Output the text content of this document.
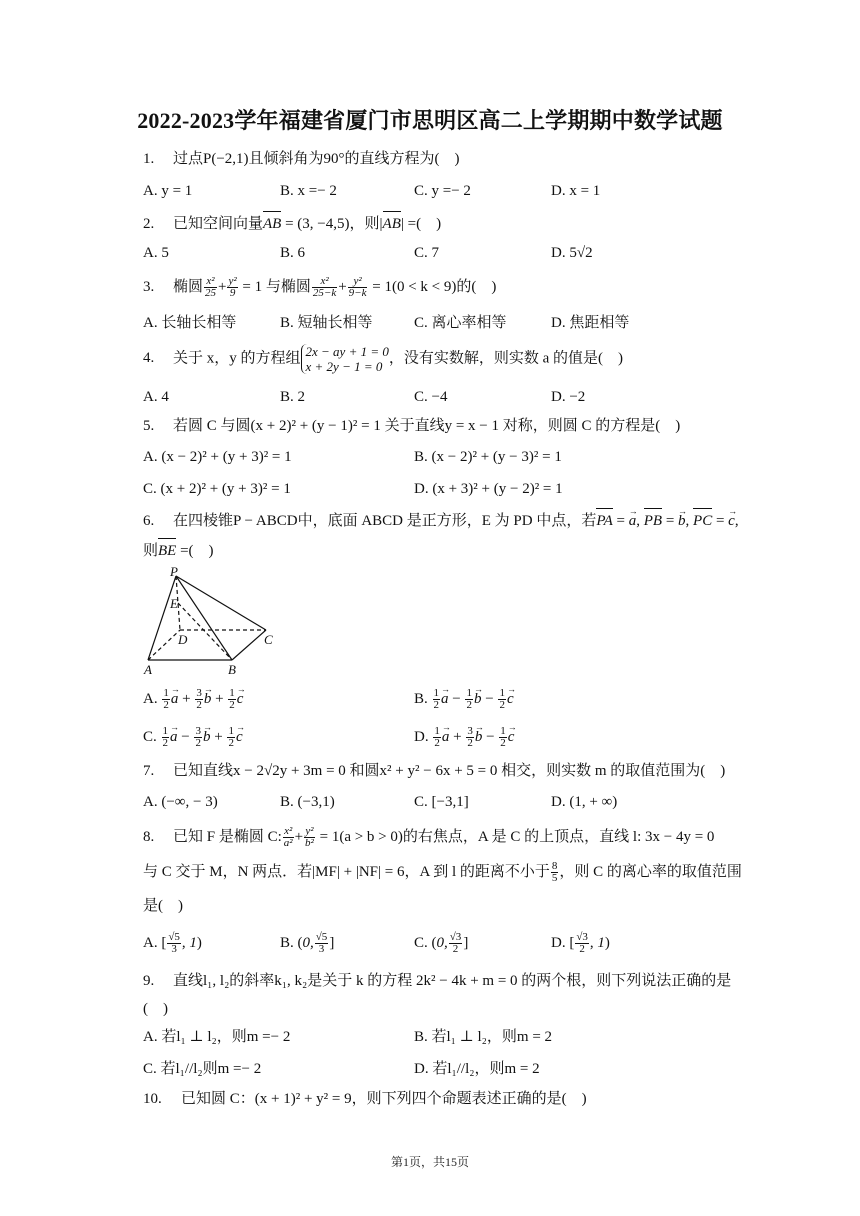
2022-2023学年福建省厦门市思明区高二上学期期中数学试题
1. 过点P(−2,1)且倾斜角为90°的直线方程为(　)
A. y = 1	B. x =− 2	C. y =− 2	D. x = 1
2. 已知空间向量AB = (3, −4,5)，则|AB| =(　)
A. 5	B. 6	C. 7	D. 5√2
3. 椭圆 $\frac{\text{x²}}{25} + \frac{\text{y²}}{9} = 1$ 与椭圆 $\frac{\text{x²}}{25-k} + \frac{\text{y²}}{9-k} = 1(0 < k < 9)$的(　)
A. 长轴长相等	B. 短轴长相等	C. 离心率相等	D. 焦距相等
4. 关于 x，y 的方程组 2x − ay + 1 = 0
x + 2y − 1 = 0，没有实数解，则实数 a 的值是(　)
A. 4	B. 2	C. −4	D. −2
5. 若圆 C 与圆(x + 2)² + (y − 1)² = 1 关于直线y = x − 1 对称，则圆 C 的方程是(　)
A. (x − 2)² + (y + 3)² = 1	B. (x − 2)² + (y − 3)² = 1
C. (x + 2)² + (y + 3)² = 1	D. (x + 3)² + (y − 2)² = 1
6. 在四棱锥P − ABCD中，底面 ABCD 是正方形，E 为 PD 中点，若PA = → a, PB = → b, PC = → c,
则BE =(　)
P
E
D	C
A	B
A. $\frac{1}{2}$
→ $a + \frac{3}{2}$
→ $b + \frac{1}{2}$
→ c	B. $\frac{1}{2}$
→ $a - \frac{1}{2}$
→ $b - \frac{1}{2}$
→ c
C. $\frac{1}{2}$
→ $a - \frac{3}{2}$
→ $b + \frac{1}{2}$
→ c	D. $\frac{1}{2}$
→ $a + \frac{3}{2}$
→ $b - \frac{1}{2}$
→ c
7. 已知直线x − 2√2y + 3m = 0 和圆x² + y² − 6x + 5 = 0 相交，则实数 m 的取值范围为(　)
A. (−∞, − 3)	B. (−3,1)	C. [−3,1]	D. (1, + ∞)
8. 已知 F 是椭圆 C: $\frac{\text{x²}}{\text{a²}} + \frac{\text{y²}}{\text{b²}} = 1(a > b > 0)$的右焦点，A 是 C 的上顶点，直线 l: 3x − 4y = 0
与 C 交于 M，N 两点．若|MF| + |NF| = 6，A 到 l 的距离不小于 $\frac{8}{5}$ ，则 C 的离心率的取值范围
是(　)
A. [ $\frac{√5}{3}$ , 1)	B. (0, $\frac{√5}{3}$ ]	C. (0, $\frac{√3}{2}$ ]	D. [ $\frac{√3}{2}$ , 1)
9. 直线l₁, l₂的斜率k₁, k₂是关于 k 的方程 2k² − 4k + m = 0 的两个根，则下列说法正确的是
(　)
A. 若l₁ ⊥ l₂，则m =− 2	B. 若l₁ ⊥ l₂，则m = 2
C. 若l₁//l₂则m =− 2	D. 若l₁//l₂，则m = 2
10. 已知圆 C：(x + 1)² + y² = 9，则下列四个命题表述正确的是(　)
第1页，共15页
